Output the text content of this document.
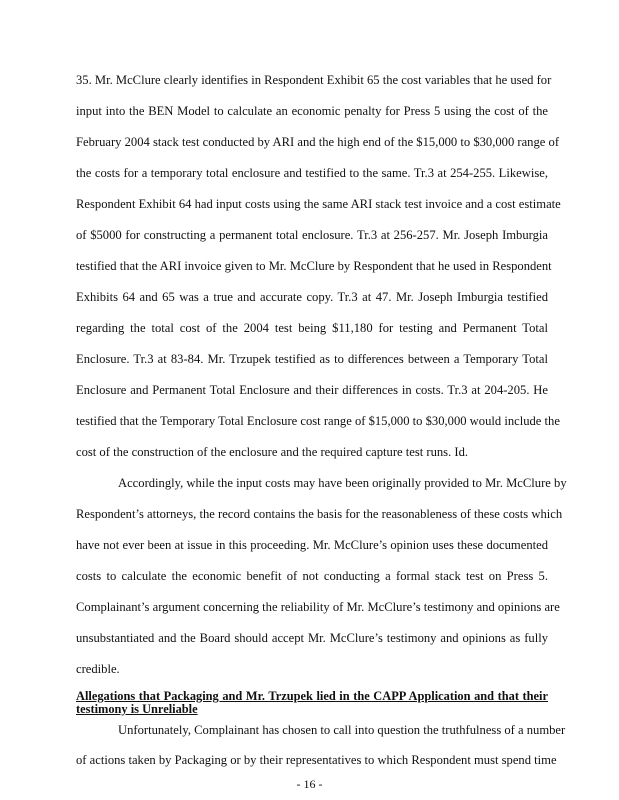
35. Mr. McClure clearly identifies in Respondent Exhibit 65 the cost variables that he used for
input into the BEN Model to calculate an economic penalty for Press 5 using the cost of the
February 2004 stack test conducted by ARI and the high end of the $15,000 to $30,000 range of
the costs for a temporary total enclosure and testified to the same. Tr.3 at 254-255. Likewise,
Respondent Exhibit 64 had input costs using the same ARI stack test invoice and a cost estimate
of $5000 for constructing a permanent total enclosure. Tr.3 at 256-257. Mr. Joseph Imburgia
testified that the ARI invoice given to Mr. McClure by Respondent that he used in Respondent
Exhibits 64 and 65 was a true and accurate copy. Tr.3 at 47. Mr. Joseph Imburgia testified
regarding the total cost of the 2004 test being $11,180 for testing and Permanent Total
Enclosure. Tr.3 at 83-84. Mr. Trzupek testified as to differences between a Temporary Total
Enclosure and Permanent Total Enclosure and their differences in costs. Tr.3 at 204-205. He
testified that the Temporary Total Enclosure cost range of $15,000 to $30,000 would include the
cost of the construction of the enclosure and the required capture test runs. Id.
Accordingly, while the input costs may have been originally provided to Mr. McClure by
Respondent’s attorneys, the record contains the basis for the reasonableness of these costs which
have not ever been at issue in this proceeding. Mr. McClure’s opinion uses these documented
costs to calculate the economic benefit of not conducting a formal stack test on Press 5.
Complainant’s argument concerning the reliability of Mr. McClure’s testimony and opinions are
unsubstantiated and the Board should accept Mr. McClure’s testimony and opinions as fully
credible.
Allegations that Packaging and Mr. Trzupek lied in the CAPP Application and that their
testimony is Unreliable
Unfortunately, Complainant has chosen to call into question the truthfulness of a number
of actions taken by Packaging or by their representatives to which Respondent must spend time
- 16 -
